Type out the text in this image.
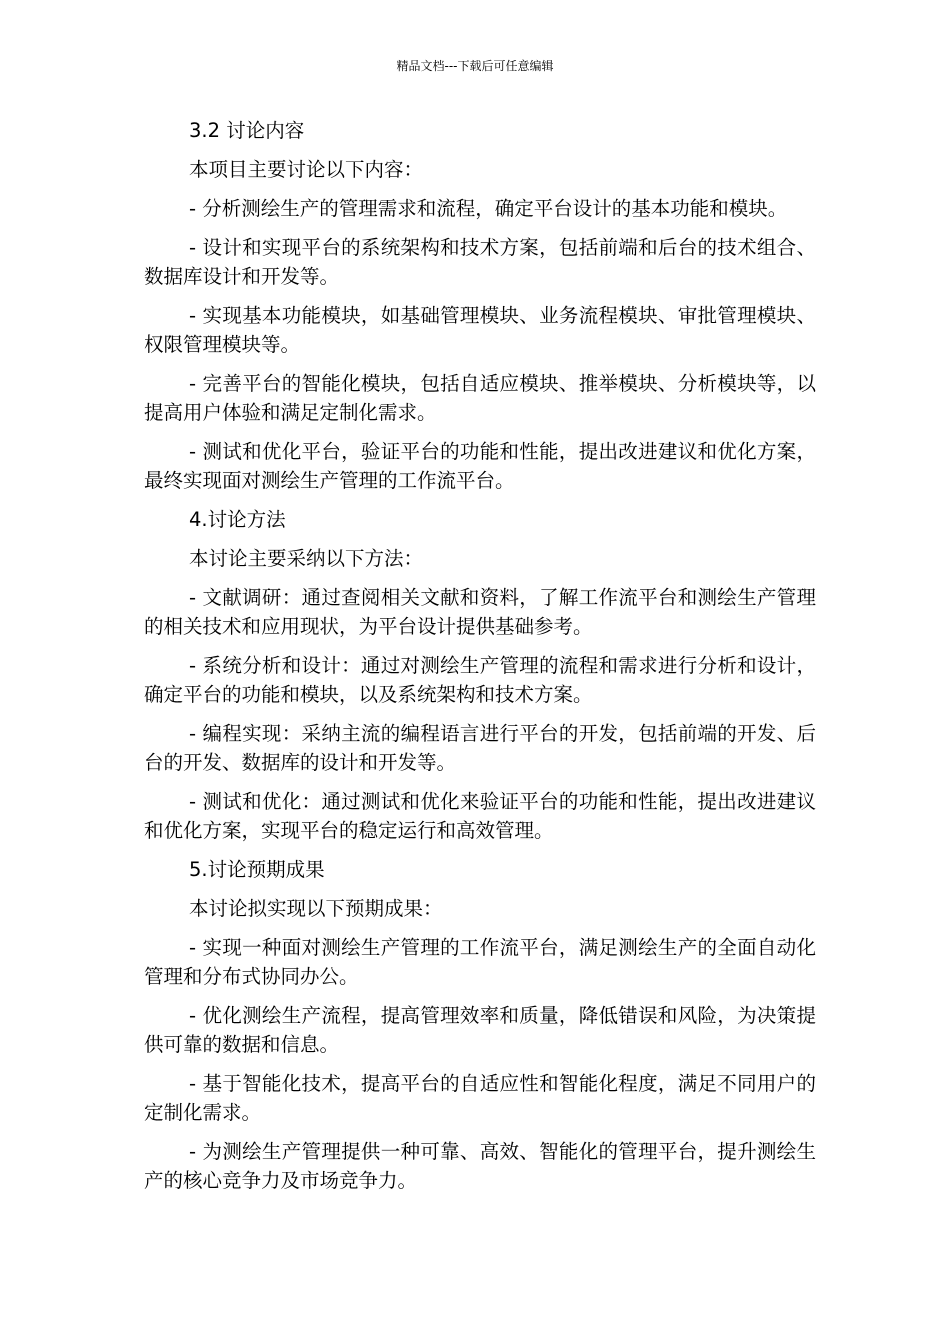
精品文档---下载后可任意编辑

3.2 讨论内容

本项目主要讨论以下内容：

- 分析测绘生产的管理需求和流程，确定平台设计的基本功能和模块。

- 设计和实现平台的系统架构和技术方案，包括前端和后台的技术组合、数据库设计和开发等。

- 实现基本功能模块，如基础管理模块、业务流程模块、审批管理模块、权限管理模块等。

- 完善平台的智能化模块，包括自适应模块、推举模块、分析模块等，以提高用户体验和满足定制化需求。

- 测试和优化平台，验证平台的功能和性能，提出改进建议和优化方案，最终实现面对测绘生产管理的工作流平台。

4.讨论方法

本讨论主要采纳以下方法：

- 文献调研：通过查阅相关文献和资料，了解工作流平台和测绘生产管理的相关技术和应用现状，为平台设计提供基础参考。

- 系统分析和设计：通过对测绘生产管理的流程和需求进行分析和设计，确定平台的功能和模块，以及系统架构和技术方案。

- 编程实现：采纳主流的编程语言进行平台的开发，包括前端的开发、后台的开发、数据库的设计和开发等。

- 测试和优化：通过测试和优化来验证平台的功能和性能，提出改进建议和优化方案，实现平台的稳定运行和高效管理。

5.讨论预期成果

本讨论拟实现以下预期成果：

- 实现一种面对测绘生产管理的工作流平台，满足测绘生产的全面自动化管理和分布式协同办公。

- 优化测绘生产流程，提高管理效率和质量，降低错误和风险，为决策提供可靠的数据和信息。

- 基于智能化技术，提高平台的自适应性和智能化程度，满足不同用户的定制化需求。

- 为测绘生产管理提供一种可靠、高效、智能化的管理平台，提升测绘生产的核心竞争力及市场竞争力。
